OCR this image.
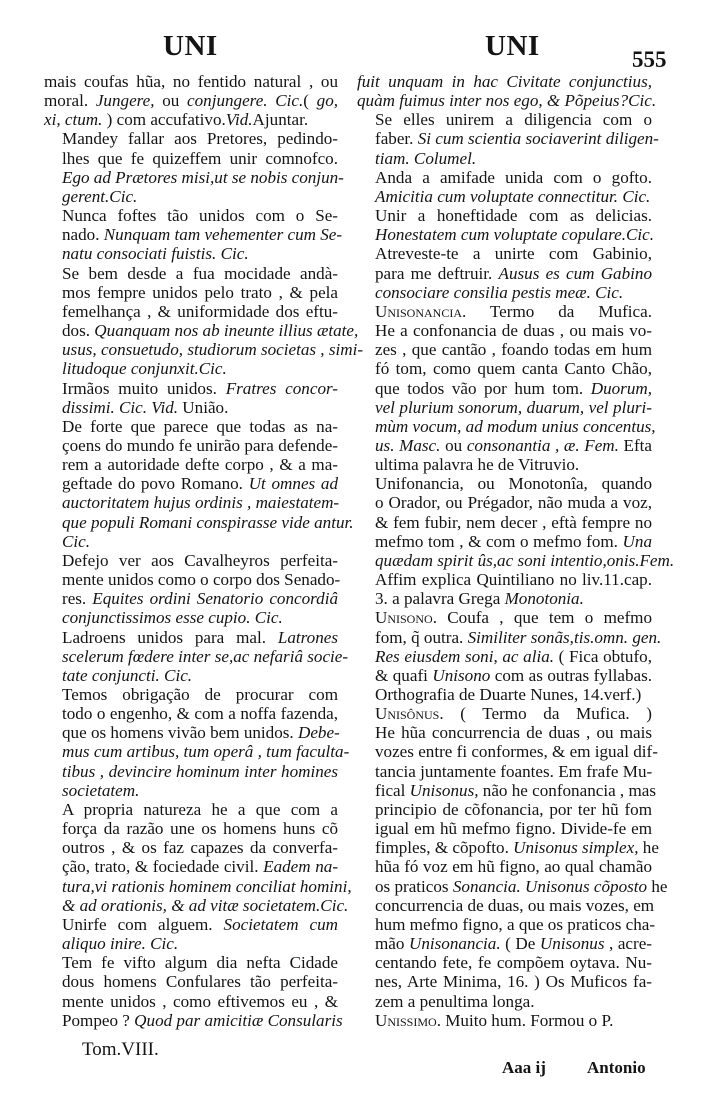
UNI	UNI	555
mais coufas hũa, no fentido natural , ou
moral. Jungere, ou conjungere. Cic.( go,
xi, ctum. ) com accufativo.Vid.Ajuntar.
Mandey fallar aos Pretores, pedindo-
lhes que fe quizeffem unir comnofco.
Ego ad Prætores misi,ut se nobis conjun-
gerent.Cic.
Nunca foftes tão unidos com o Se-
nado. Nunquam tam vehementer cum Se-
natu consociati fuistis. Cic.
Se bem desde a fua mocidade andà-
mos fempre unidos pelo trato , & pela
femelhança , & uniformidade dos eftu-
dos. Quanquam nos ab ineunte illius ætate,
usus, consuetudo, studiorum societas , simi-
litudoque conjunxit.Cic.
Irmãos muito unidos. Fratres concor-
dissimi. Cic. Vid. União.
De forte que parece que todas as na-
çoens do mundo fe unirão para defende-
rem a autoridade defte corpo , & a ma-
geftade do povo Romano. Ut omnes ad
auctoritatem hujus ordinis , maiestatem-
que populi Romani conspirasse vide antur.
Cic.
Defejo ver aos Cavalheyros perfeita-
mente unidos como o corpo dos Senado-
res. Equites ordini Senatorio concordiâ
conjunctissimos esse cupio. Cic.
Ladroens unidos para mal. Latrones
scelerum fœdere inter se,ac nefariâ socie-
tate conjuncti. Cic.
Temos obrigação de procurar com
todo o engenho, & com a noffa fazenda,
que os homens vivão bem unidos. Debe-
mus cum artibus, tum operâ , tum faculta-
tibus , devincire hominum inter homines
societatem.
A propria natureza he a que com a
força da razão une os homens huns cõ
outros , & os faz capazes da converfa-
ção, trato, & fociedade civil. Eadem na-
tura,vi rationis hominem conciliat homini,
& ad orationis, & ad vitæ societatem.Cic.
Unirfe com alguem. Societatem cum
aliquo inire. Cic.
Tem fe vifto algum dia nefta Cidade
dous homens Confulares tão perfeita-
mente unidos , como eftivemos eu , &
Pompeo ? Quod par amicitiæ Consularis
fuit unquam in hac Civitate conjunctius,
quàm fuimus inter nos ego, & Põpeius?Cic.
Se elles unirem a diligencia com o
faber. Si cum scientia sociaverint diligen-
tiam. Columel.
Anda a amifade unida com o gofto.
Amicitia cum voluptate connectitur. Cic.
Unir a honeftidade com as delicias.
Honestatem cum voluptate copulare.Cic.
Atreveste-te a unirte com Gabinio,
para me deftruir. Ausus es cum Gabino
consociare consilia pestis meæ. Cic.
Unisonancia. Termo da Mufica.
He a confonancia de duas , ou mais vo-
zes , que cantão , foando todas em hum
fó tom, como quem canta Canto Chão,
que todos vão por hum tom. Duorum,
vel plurium sonorum, duarum, vel pluri-
mùm vocum, ad modum unius concentus,
us. Masc. ou consonantia , æ. Fem. Efta
ultima palavra he de Vitruvio.
Unifonancia, ou Monotonîa, quando
o Orador, ou Prégador, não muda a voz,
& fem fubir, nem decer , eftà fempre no
mefmo tom , & com o mefmo fom. Una
quædam spirit ûs,ac soni intentio,onis.Fem.
Affim explica Quintiliano no liv.11.cap.
3. a palavra Grega Monotonia.
Unisono. Coufa , que tem o mefmo
fom, q̃ outra. Similiter sonãs,tis.omn. gen.
Res eiusdem soni, ac alia. ( Fica obtufo,
& quafi Unisono com as outras fyllabas.
Orthografia de Duarte Nunes, 14.verf.)
Unisônus. ( Termo da Mufica. )
He hũa concurrencia de duas , ou mais
vozes entre fi conformes, & em igual dif-
tancia juntamente foantes. Em frafe Mu-
fical Unisonus, não he confonancia , mas
principio de cõfonancia, por ter hũ fom
igual em hũ mefmo figno. Divide-fe em
fimples, & cõpofto. Unisonus simplex, he
hũa fó voz em hũ figno, ao qual chamão
os praticos Sonancia. Unisonus cõposto he
concurrencia de duas, ou mais vozes, em
hum mefmo figno, a que os praticos cha-
mão Unisonancia. ( De Unisonus , acre-
centando fete, fe compõem oytava. Nu-
nes, Arte Minima, 16. ) Os Muficos fa-
zem a penultima longa.
Unissimo. Muito hum. Formou o P.
Tom.VIII.
Aaa ij Antonio
